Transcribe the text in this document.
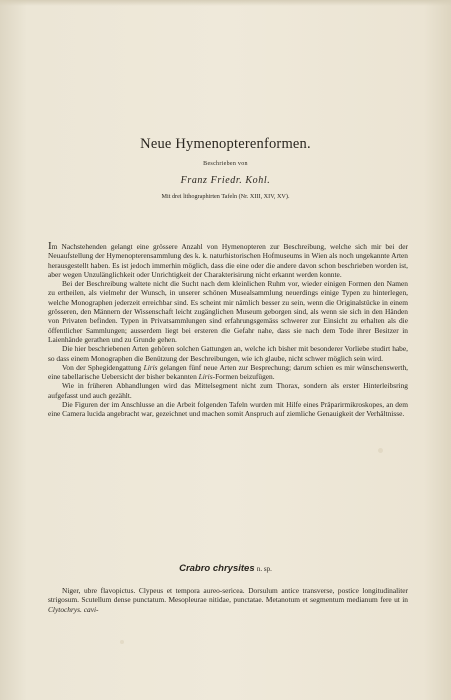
Neue Hymenopterenformen.
Beschrieben von
Franz Friedr. Kohl.
Mit drei lithographirten Tafeln (Nr. XIII, XIV, XV).

Im Nachstehenden gelangt eine grössere Anzahl von Hymenopteren zur Beschreibung, welche sich mir bei der Neuaufstellung der Hymenopterensammlung des k. k. naturhistorischen Hofmuseums in Wien als noch ungekannte Arten herausgestellt haben. Es ist jedoch immerhin möglich, dass die eine oder die andere davon schon beschrieben worden ist, aber wegen Unzulänglichkeit oder Unrichtigkeit der Charakterisirung nicht erkannt werden konnte.

Bei der Beschreibung waltete nicht die Sucht nach dem kleinlichen Ruhm vor, wieder einigen Formen den Namen zu ertheilen, als vielmehr der Wunsch, in unserer schönen Musealsammlung neuerdings einige Typen zu hinterlegen, welche Monographen jederzeit erreichbar sind. Es scheint mir nämlich besser zu sein, wenn die Originalstücke in einem grösseren, den Männern der Wissenschaft leicht zugänglichen Museum geborgen sind, als wenn sie sich in den Händen von Privaten befinden. Typen in Privatsammlungen sind erfahrungsgemäss schwerer zur Einsicht zu erhalten als die öffentlicher Sammlungen; ausserdem liegt bei ersteren die Gefahr nahe, dass sie nach dem Tode ihrer Besitzer in Laienhände gerathen und zu Grunde gehen.

Die hier beschriebenen Arten gehören solchen Gattungen an, welche ich bisher mit besonderer Vorliebe studirt habe, so dass einem Monographen die Benützung der Beschreibungen, wie ich glaube, nicht schwer möglich sein wird.

Von der Sphegidengattung Liris gelangen fünf neue Arten zur Besprechung; darum schien es mir wünschenswerth, eine tabellarische Uebersicht der bisher bekannten Liris-Formen beizufügen.

Wie in früheren Abhandlungen wird das Mittelsegment nicht zum Thorax, sondern als erster Hinterleibsring aufgefasst und auch gezählt.

Die Figuren der im Anschlusse an die Arbeit folgenden Tafeln wurden mit Hilfe eines Präparirmikroskopes, an dem eine Camera lucida angebracht war, gezeichnet und machen somit Anspruch auf ziemliche Genauigkeit der Verhältnisse.

Crabro chrysites n. sp.

Niger, ubre flavopictus. Clypeus et tempora aureo-sericea. Dorsulum antice transverse, postice longitudinaliter strigosum. Scutellum dense punctatum. Mesopleurae nitidae, punctatae. Metanotum et segmentum medianum fere ut in Clytochrys. cavi-
